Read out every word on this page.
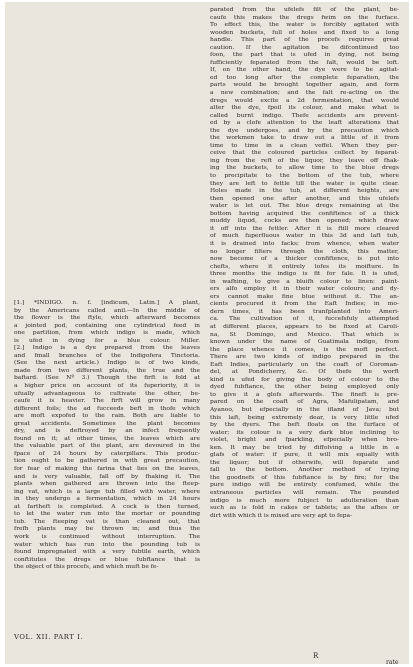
parated from the ufelefs filt of the plant, be-
caufe this makes the dregs fwim on the furface.
To effect this, the water is forcibly agitated with
wooden buckets, full of holes and fixed to a long
handle. This part of the procefs requires great
caution. If the agitation be difcontinued too
foon, the part that is ufed in dying, not being
fufficiently feparated from the falt, would be loft.
If, on the other hand, the dye were to be agitat-
ed too long after the complete feparation, the
parts would be brought together again, and form
a new combination; and the falt re-acting on the
dregs would excite a 2d fermentation, that would
alter the dye, fpoil its colour, and make what is
called burnt indigo. Thefe accidents are prevent-
ed by a clofe attention to the leaft alterations that
the dye undergoes, and by the precaution which
the workmen take to draw out a little of it from
time to time in a clean veffel. When they per-
ceive that the coloured particles collect by feparat-
ing from the reft of the liquor, they leave off fhak-
ing the buckets, to allow time to the blue dregs
to precipitate to the bottom of the tub, where
they are left to fettle till the water is quite clear.
Holes made in the tub, at different heights, are
then opened one after another, and this ufelefs
water is let out. The blue dregs remaining at the
bottom having acquired the confiftence of a thick
muddy liquid, cocks are then opened; which draw
it off into the fettler. After it is ftill more cleared
of much fuperfluous water in this 3d and laft tub,
it is drained into facks; from whence, when water
no longer filters through the cloth, this matter,
now become of a thicker confiftence, is put into
chefts, where it entirely lofes its moifture. In
three months the indigo is fit for fale. It is ufed,
in wafhing, to give a bluifh colour to linen: paint-
ers alfo employ it in their water colours; and dy-
ers cannot make fine blue without it. The an-
cients procured it from the Eaft Indies; in mo-
dern times, it has been tranfplanted into Ameri-
ca. The cultivation of it, fuccefsfuly attempted
at different places, appears to be fixed at Caroli-
na, St Domingo, and Mexico. That which is
known under the name of Guatimala indigo, from
the place whence it comes, is the moft perfect.
There are two kinds of indigo prepared in the
Eaft Indies, particularly on the coaft of Coroman-
del, at Pondicherry, &c. Of thefe the worft
kind is ufed for giving the body of colour to the
dyed fubftance, the other being employed only
to give it a glofs afterwards. The fineft is pre-
pared on the coaft of Agra, Mafulipatam, and
Ayanoo, but efpecially in the ifland of Java; but
this laft, being extremely dear, is very little ufed
by the dyers. The beft floats on the furface of
water; its colour is a very dark blue inclining to
violet, bright and fparkling, efpecially when bro-
ken. It may be tried by diffolving a little in a
glafs of water: if pure, it will mix equally with
the liquor; but if otherwife, will feparate and
fall to the bottom. Another method of trying
the goodnefs of this fubftance is by fire; for the
pure indigo will be entirely confumed, while the
extraneous particles will remain. The pounded
indigo is much more fubject to adulteration than
such as is fold in cakes or tablets; as the afhes or
dirt with which it is mixed are very apt to fepa-
[1.] *INDIGO. n. f. [indicum, Latin.] A plant,
by the Americans called anil.—In the middle of
the flower is the ftyle, which afterward becomes
a jointed pod, containing one cylindrical feed in
one partition, from which indigo is made, which
is ufed in dying for a blue colour. Miller.
[2.] Indigo is a dye prepared from the leaves
and fmall branches of the Indigofera Tinctoria.
(See the next article.) Indigo is of two kinds,
made from two different plants, the true and the
baftard. (See Nº 3.) Though the firft is fold at
a higher price on account of its fuperiority, it is
ufually advantageous to cultivate the other, be-
caufe it is heavier. The firft will grow in many
different foils; the ad fucceeds beft in thofe which
are moft expofed to the rain. Both are liable to
great accidents. Sometimes the plant becomes
dry, and is deftroyed by an infect frequently
found on it; at other times, the leaves which are
the valuable part of the plant, are devoured in the
fpace of 24 hours by caterpillars. This produc-
tion ought to be gathered in with great precaution,
for fear of making the farina that lies on the leaves,
and is very valuable, fall off by fhaking it. The
plants when gathered are thrown into the fteep-
ing vat, which is a large tub filled with water, where
in they undergo a fermentation, which in 24 hours
at fartheft is completed. A cock is then turned,
to let the water run into the mortar or pounding
tub. The fteeping vat is than cleaned out, that
frefh plants may be thrown in; and thus the
work is continued without interruption. The
water which has run into the pounding tub is
found impregnated with a very fubtile earth, which
conftitutes the dregs or blue fubftance that is
the object of this procefs, and which muft be fe-
VOL. XII. PART I.
R
rate
